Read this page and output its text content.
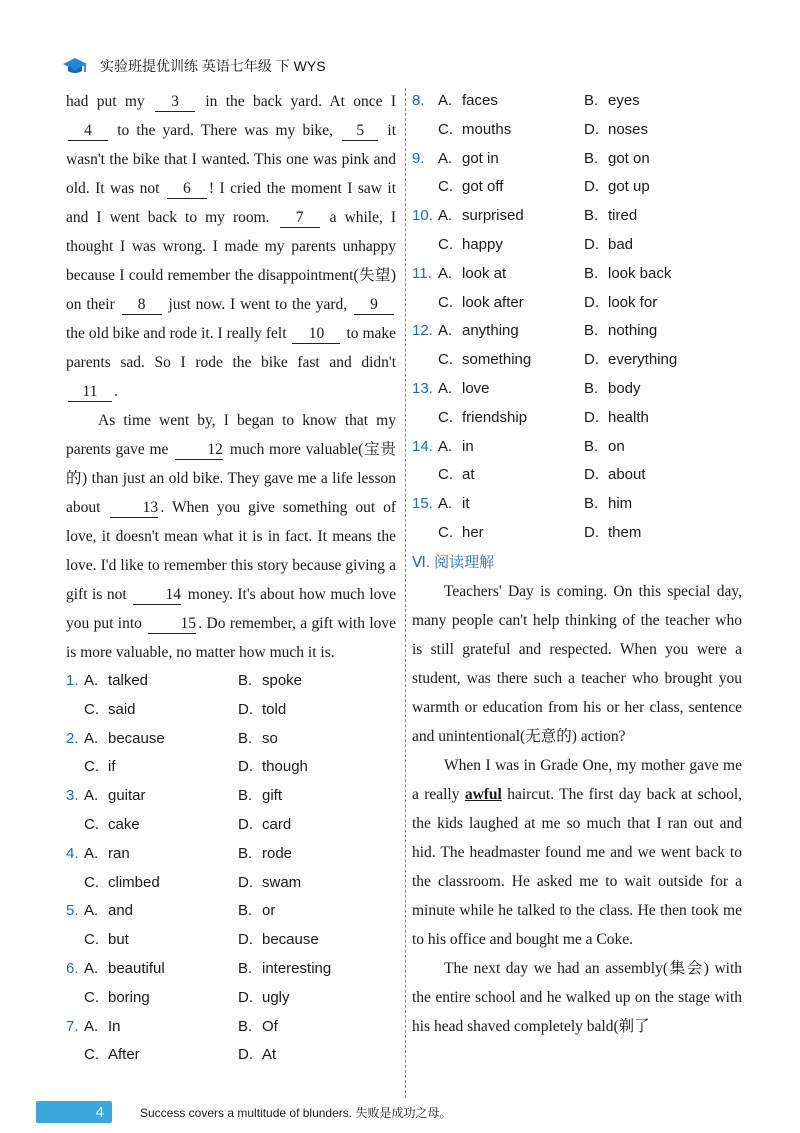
实验班提优训练 英语七年级 下 WYS

had put my 3 in the back yard. At once I 4 to the yard. There was my bike, 5 it wasn't the bike that I wanted. This one was pink and old. It was not 6 ! I cried the moment I saw it and I went back to my room. 7 a while, I thought I was wrong. I made my parents unhappy because I could remember the disappointment(失望) on their 8 just now. I went to the yard, 9 the old bike and rode it. I really felt 10 to make parents sad. So I rode the bike fast and didn't 11 .

As time went by, I began to know that my parents gave me	12 much more valuable(宝贵的) than just an old bike. They gave me a life lesson about	13 . When you give something out of love, it doesn't mean what it is in fact. It means the love. I'd like to remember this story because giving a gift is not	14 money. It's about how much love you put into 15 . Do remember, a gift with love is more valuable, no matter how much it is.

1. A. talked	B. spoke
C. said	D. told
2. A. because	B. so
C. if	D. though
3. A. guitar	B. gift
C. cake	D. card
4. A. ran	B. rode
C. climbed	D. swam
5. A. and	B. or
C. but	D. because
6. A. beautiful	B. interesting
C. boring	D. ugly
7. A. In	B. Of
C. After	D. At
8. A. faces	B. eyes
C. mouths	D. noses
9. A. got in	B. got on
C. got off	D. got up
10. A. surprised	B. tired
C. happy	D. bad
11. A. look at	B. look back
C. look after	D. look for
12. A. anything	B. nothing
C. something	D. everything
13. A. love	B. body
C. friendship	D. health
14. A. in	B. on
C. at	D. about
15. A. it	B. him
C. her	D. them
Ⅵ. 阅读理解

Teachers' Day is coming. On this special day, many people can't help thinking of the teacher who is still grateful and respected. When you were a student, was there such a teacher who brought you warmth or education from his or her class, sentence and unintentional(无意的) action?

When I was in Grade One, my mother gave me a really awful haircut. The first day back at school, the kids laughed at me so much that I ran out and hid. The headmaster found me and we went back to the classroom. He asked me to wait outside for a minute while he talked to the class. He then took me to his office and bought me a Coke.

The next day we had an assembly(集会) with the entire school and he walked up on the stage with his head shaved completely bald(剃了

4	Success covers a multitude of blunders. 失败是成功之母。
